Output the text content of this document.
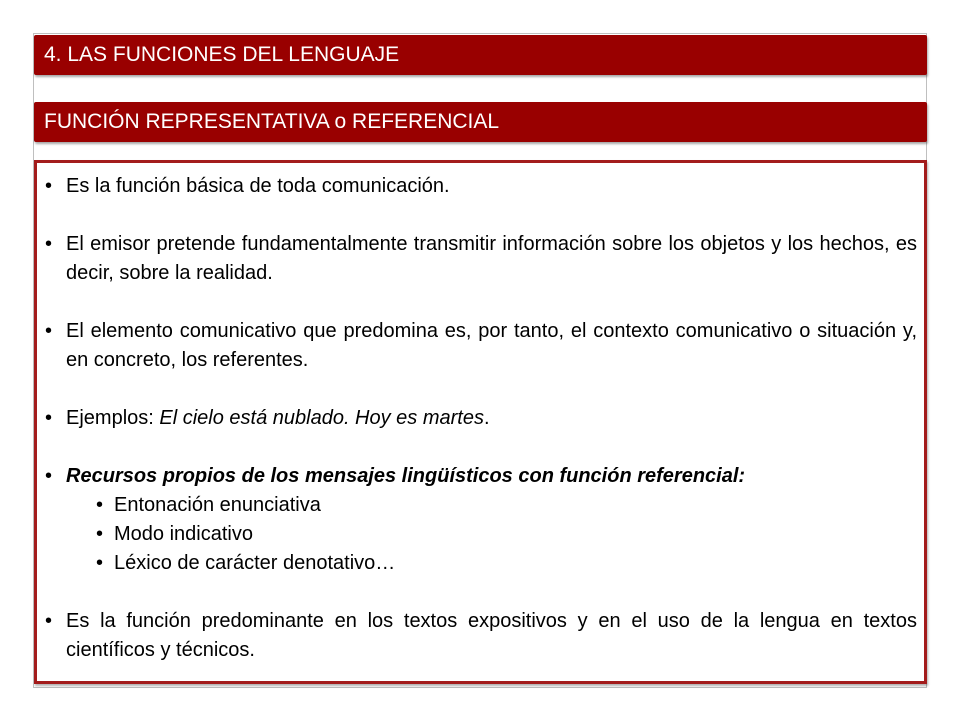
4. LAS FUNCIONES DEL LENGUAJE
FUNCIÓN REPRESENTATIVA o REFERENCIAL
• Es la función básica de toda comunicación.
• El emisor pretende fundamentalmente transmitir información sobre los objetos y los hechos, es decir, sobre la realidad.
• El elemento comunicativo que predomina es, por tanto, el contexto comunicativo o situación y, en concreto, los referentes.
• Ejemplos: El cielo está nublado. Hoy es martes.
• Recursos propios de los mensajes lingüísticos con función referencial:
• Entonación enunciativa
• Modo indicativo
• Léxico de carácter denotativo…
• Es la función predominante en los textos expositivos y en el uso de la lengua en textos científicos y técnicos.
